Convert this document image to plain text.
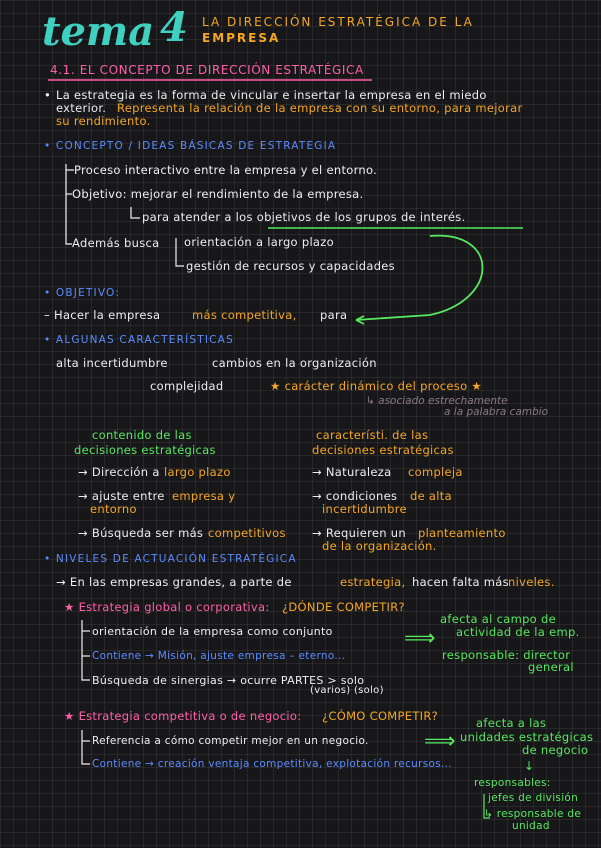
tema 4 LA DIRECCIÓN ESTRATÉGICA DE LA
EMPRESA
4.1. EL CONCEPTO DE DIRECCIÓN ESTRATÉGICA
• La estrategia es la forma de vincular e insertar la empresa en el miedo
exterior. Representa la relación de la empresa con su entorno, para mejorar
su rendimiento.
• CONCEPTO / IDEAS BÁSICAS DE ESTRATEGIA
Proceso interactivo entre la empresa y el entorno.
Objetivo: mejorar el rendimiento de la empresa.
para atender a los objetivos de los grupos de interés.
Además busca orientación a largo plazo
gestión de recursos y capacidades
• OBJETIVO:
– Hacer la empresa	más competitiva, para
• ALGUNAS CARACTERÍSTICAS
alta incertidumbre	cambios en la organización
complejidad	★ carácter dinámico del proceso ★
↳ asociado estrechamente
a la palabra cambio
contenido de las
decisiones estratégicas
→ Dirección a largo plazo
→ ajuste entre empresa y
entorno
→ Búsqueda ser más competitivos
característi. de las
decisiones estratégicas
→ Naturaleza compleja
→ condiciones de alta
incertidumbre
→ Requieren un planteamiento
de la organización.
• NIVELES DE ACTUACIÓN ESTRATÉGICA
→ En las empresas grandes, a parte de	estrategia, hacen falta más niveles.
★ Estrategia global o corporativa: ¿DÓNDE COMPETIR?
orientación de la empresa como conjunto
Contiene → Misión, ajuste empresa – eterno...
Búsqueda de sinergias → ocurre PARTES > solo
(varios) (solo)
⟹
afecta al campo de
actividad de la emp.
responsable: director
general
★ Estrategia competitiva o de negocio: ¿CÓMO COMPETIR?
Referencia a cómo competir mejor en un negocio.
Contiene → creación ventaja competitiva, explotación recursos...
⟹
afecta a las
unidades estratégicas
de negocio
↓
responsables:
jefes de división
↳ responsable de
unidad
